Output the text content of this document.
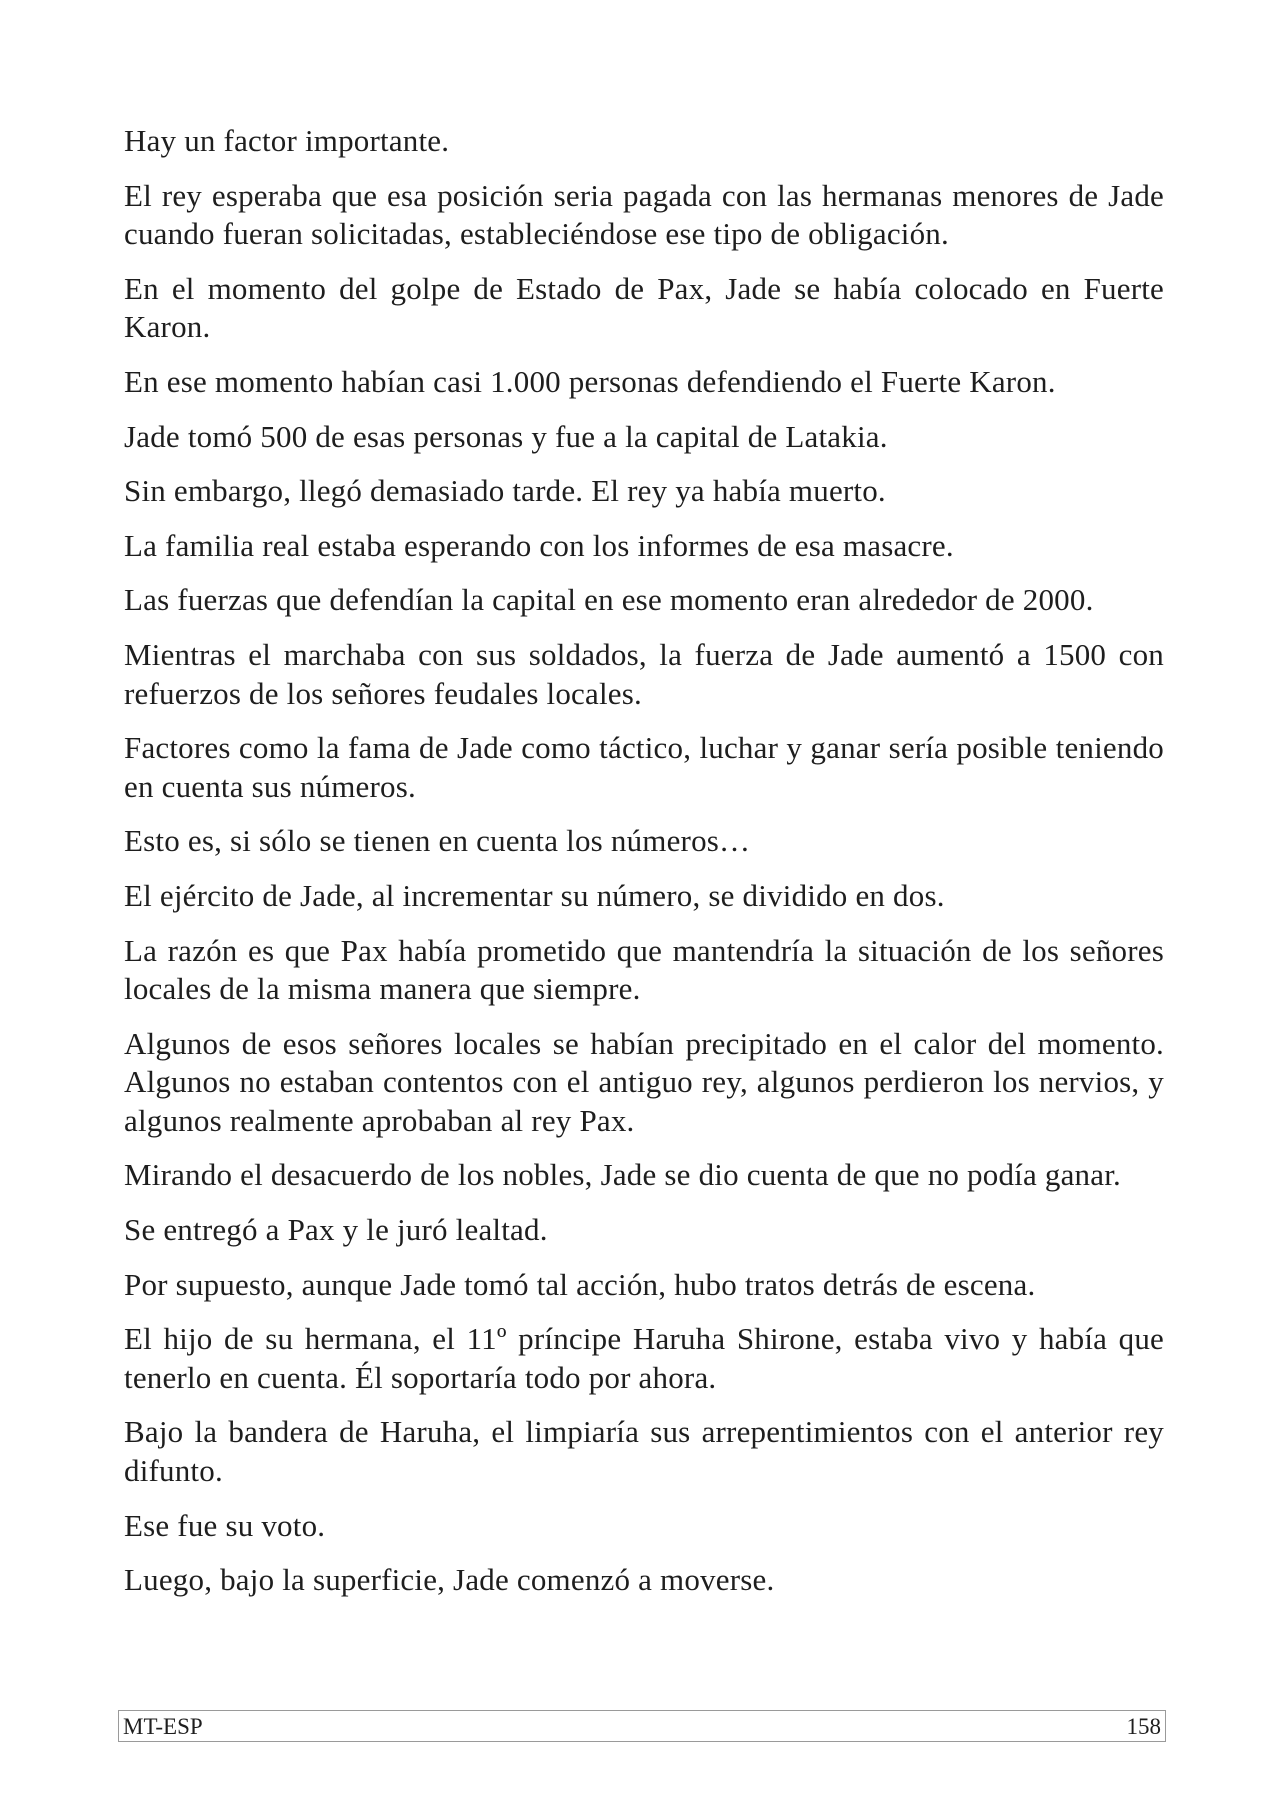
Hay un factor importante.

El rey esperaba que esa posición seria pagada con las hermanas menores de Jade cuando fueran solicitadas, estableciéndose ese tipo de obligación.

En el momento del golpe de Estado de Pax, Jade se había colocado en Fuerte Karon.

En ese momento habían casi 1.000 personas defendiendo el Fuerte Karon.

Jade tomó 500 de esas personas y fue a la capital de Latakia.

Sin embargo, llegó demasiado tarde. El rey ya había muerto.

La familia real estaba esperando con los informes de esa masacre.

Las fuerzas que defendían la capital en ese momento eran alrededor de 2000.

Mientras el marchaba con sus soldados, la fuerza de Jade aumentó a 1500 con refuerzos de los señores feudales locales.

Factores como la fama de Jade como táctico, luchar y ganar sería posible teniendo en cuenta sus números.

Esto es, si sólo se tienen en cuenta los números…

El ejército de Jade, al incrementar su número, se dividido en dos.

La razón es que Pax había prometido que mantendría la situación de los señores locales de la misma manera que siempre.

Algunos de esos señores locales se habían precipitado en el calor del momento. Algunos no estaban contentos con el antiguo rey, algunos perdieron los nervios, y algunos realmente aprobaban al rey Pax.

Mirando el desacuerdo de los nobles, Jade se dio cuenta de que no podía ganar.

Se entregó a Pax y le juró lealtad.

Por supuesto, aunque Jade tomó tal acción, hubo tratos detrás de escena.

El hijo de su hermana, el 11º príncipe Haruha Shirone, estaba vivo y había que tenerlo en cuenta. Él soportaría todo por ahora.

Bajo la bandera de Haruha, el limpiaría sus arrepentimientos con el anterior rey difunto.

Ese fue su voto.

Luego, bajo la superficie, Jade comenzó a moverse.

MT-ESP	158
